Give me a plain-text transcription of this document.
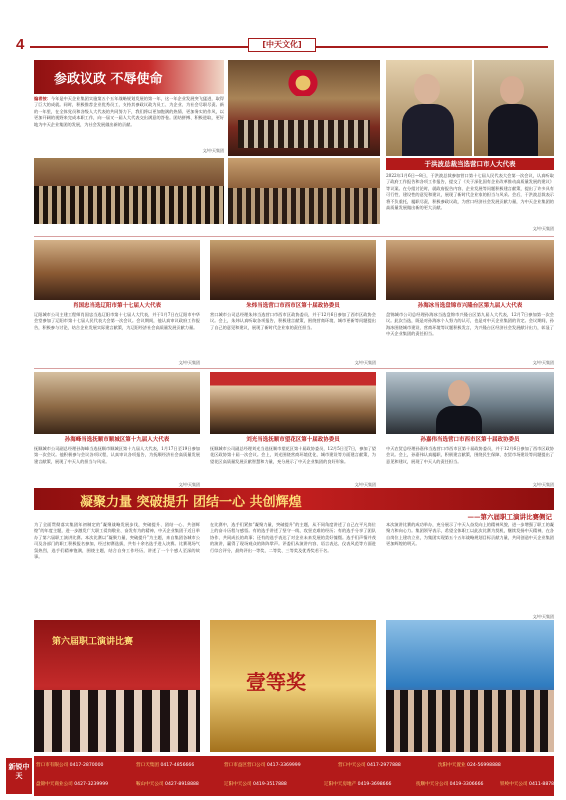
4	[中天文化]
参政议政 不辱使命
编者按：今年是中天企业集团实施第五个五年战略规划发展的第一年，这一年企业发展突飞猛进，取得了巨大的成就。同时，积极推荐企业优秀员工，支持其参政议政为员工、为企业、为社会尽职尽责。新的一年里，在全体党员和各级人大代表的共同努力下，我们将以更加饱满的热情、更加务实的作风，以更加开阔的视野来完成本职工作，向一届又一届人大代表交出满意的答卷。团结拼搏、积极进取，更好地为中天企业集团的发展，为社会发展做出新的贡献。
文/中天集团
于洪波总裁当选营口市人大代表
2022年1月6日—8日，于洪波总裁参加营口第十七届人民代表大会第一次会议，认真听取了政府工作报告和各项工作报告，提交了《关于深化国有企业改革推动高质量发展的建议》等议案。在分组讨论时，就政府报告内容、企业发展等问题积极建言献策，提出了许多具有可行性、建设性的意见和建议，展现了新时代企业家的担当与风采。会后，于洪波总裁表示将不负重托，履职尽责，积极参政议政，为营口经济社会发展贡献力量，为中天企业集团的高质量发展做出新的更大贡献。
文/中天集团
肖国忠当选辽阳市第十七届人大代表	朱炜当选营口市西市区第十届政协委员	孙海冰当选盘锦市兴隆台区第九届人大代表
辽阳城市公司主建工程师肖国忠当选辽阳市第十七届人大代表，并于1月7日在辽阳市中华会堂参加了辽阳市第十七届人民代表大会第一次会议。会议期间，他认真审议政府工作报告，积极参与讨论，结合企业发展实际建言献策，为辽阳经济社会高质量发展贡献力量。
营口城市公司总经理朱炜当选营口市西市区政协委员，并于12月6日参加了西市区政协会议。会上，朱炜认真听取各项报告，积极建言献策，围绕营商环境、城市更新等问题提出了自己的意见和建议，展现了新时代企业家的责任担当。
盘锦城市公司总经理孙海冰当选盘锦市兴隆台区第九届人大代表，12月7日参加第一次会议。此次当选，既是对孙海冰个人努力的认可，也是对中天企业集团的肯定。会议期间，孙海冰围绕城市建设、营商环境等议题积极发言，为兴隆台区经济社会发展献计出力，彰显了中天企业集团的责任担当。
文/中天集团	文/中天集团	文/中天集团
孙海峰当选抚顺市顺城区第十九届人大代表	刘光当选抚顺市望花区第十届政协委员	孙嘉伟当选营口市西市区第十届政协委员
抚顺城市公司副总经理孙海峰当选抚顺市顺城区第十九届人大代表，1月17日至19日参加第一次会议。他积极参与会议各项议程，认真审议各项报告，为抚顺经济社会高质量发展建言献策，展现了中天人的担当与风采。
抚顺城市公司副总经理刘光当选抚顺市望花区第十届政协委员，12月5日至7日，参加了望花区政协第十届一次会议。会上，刘光围绕营商环境优化、城市建设等方面建言献策，为望花区高质量发展贡献智慧和力量，充分展示了中天企业集团的良好形象。
中天农贸总经理孙嘉伟当选营口市西市区第十届政协委员，并于12月6日参加了西市区政协会议。会上，孙嘉伟认真履职，积极建言献策，围绕民生保障、农贸市场建设等问题提出了意见和建议，展现了中天人的责任担当。
文/中天集团	文/中天集团	文/中天集团
凝聚力量 突破提升 团结一心 共创辉煌
——第六届职工演讲比赛侧记
为了全面贯彻落实集团年初制定的“凝聚战略发展步伐，突破提升、团结一心、共创辉煌”的年度主题，进一步激发广大职工爱岗敬业、奋发有为的精神，中天企业集团于近日举办了第六届职工演讲比赛。本次比赛以“凝聚力量，突破提升”为主题，来自集团各城市公司及各部门的职工积极报名参加，经过初赛选拔，共有十余名选手进入决赛。比赛现场气氛热烈，选手们精神饱满，围绕主题，结合自身工作经历，讲述了一个个感人至深的故事。
在比赛中，选手们紧扣“凝聚力量，突破提升”的主题，从不同角度讲述了自己在平凡岗位上的奋斗历程与感悟。有的选手讲述了坚守一线、攻坚克难的经历；有的选手分享了团队协作、共同成长的故事；还有的选手表达了对企业未来发展的美好憧憬。选手们声情并茂的演讲，赢得了现场观众的阵阵掌声。评委们从演讲内容、语言表达、仪表风范等方面进行综合评分，最终评出一等奖、二等奖、三等奖及优秀奖若干名。
本次演讲比赛的成功举办，充分展示了中天人奋发向上的精神风貌，进一步增强了职工的凝聚力和向心力。集团领导表示，希望全体职工以此次比赛为契机，继续发扬中天精神，在各自岗位上建功立业，为集团实现第五个五年战略规划目标贡献力量，共同创造中天企业集团更加辉煌的明天。
文/中天集团
第六届职工演讲比赛
壹等奖
新锐中天
营口市有限公司 0417-2870000	营口天集团 0417-4856666	营口市益区营口公司 0417-3369999	营口中天公司 0417-2977888	沈阳中天置业 024-56998888
盘锦中天商业公司 0427-3239999	鞍山中天公司 0427-8918888	辽阳中天公司 0419-3517888	辽阳中天房地产 0419-3698666	抚顺中天分公司 0419-3306666	铁岭中天公司 0411-88788555
